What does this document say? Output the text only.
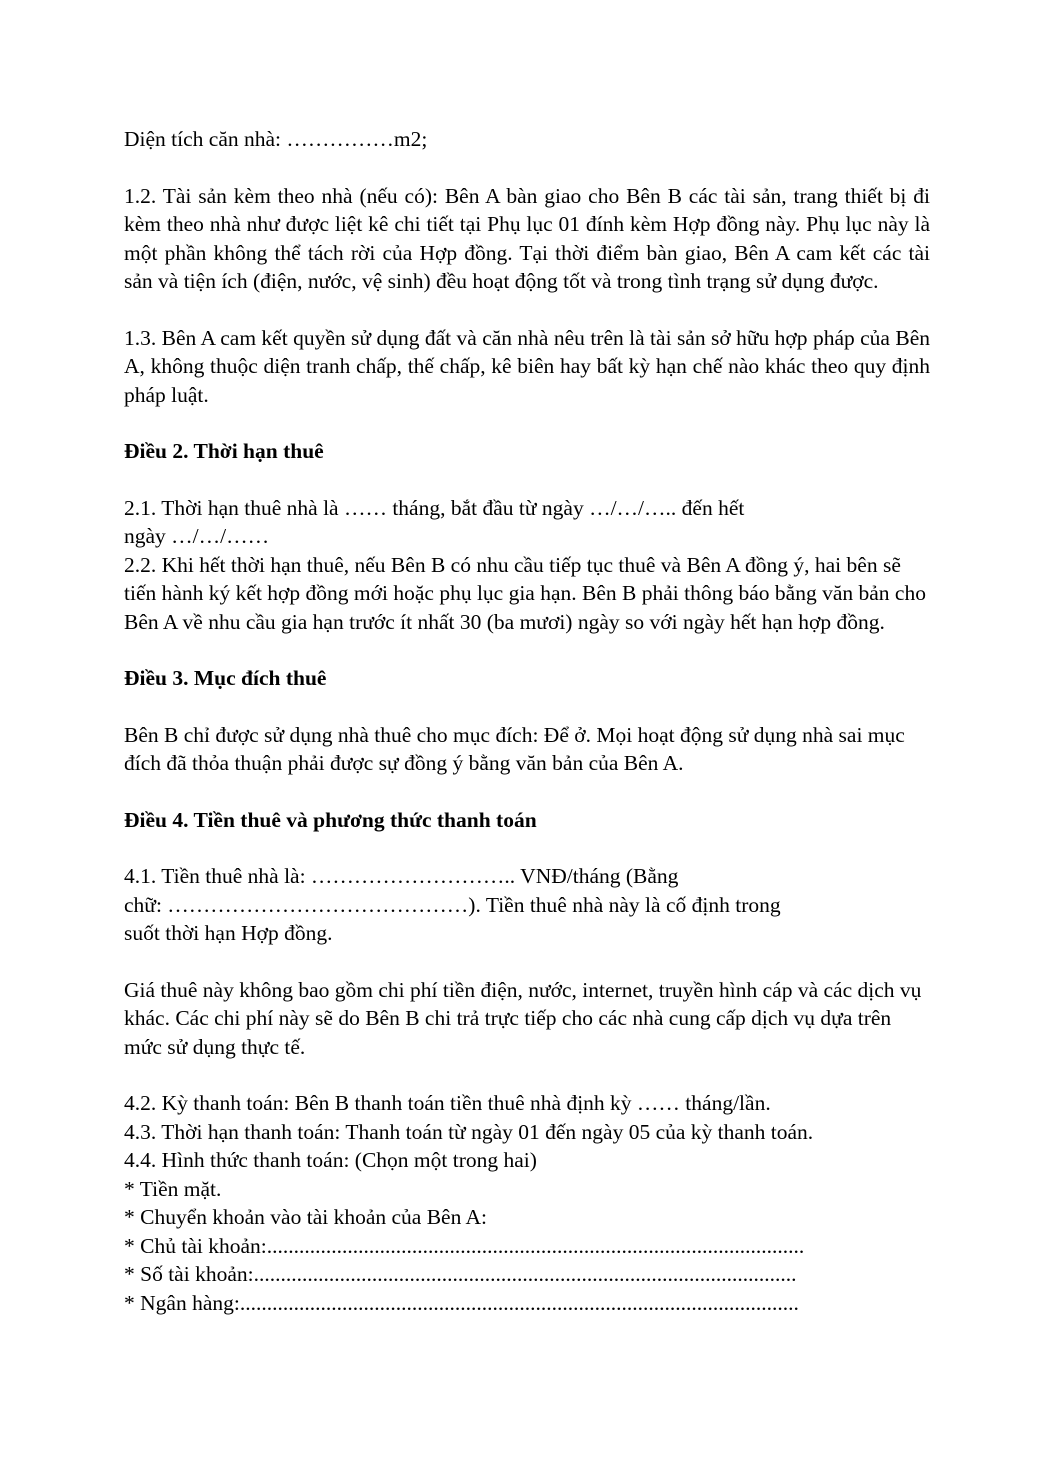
Diện tích căn nhà: ……………m2;

1.2. Tài sản kèm theo nhà (nếu có): Bên A bàn giao cho Bên B các tài sản, trang thiết bị đi kèm theo nhà như được liệt kê chi tiết tại Phụ lục 01 đính kèm Hợp đồng này. Phụ lục này là một phần không thể tách rời của Hợp đồng. Tại thời điểm bàn giao, Bên A cam kết các tài sản và tiện ích (điện, nước, vệ sinh) đều hoạt động tốt và trong tình trạng sử dụng được.

1.3. Bên A cam kết quyền sử dụng đất và căn nhà nêu trên là tài sản sở hữu hợp pháp của Bên A, không thuộc diện tranh chấp, thế chấp, kê biên hay bất kỳ hạn chế nào khác theo quy định pháp luật.

Điều 2. Thời hạn thuê

2.1. Thời hạn thuê nhà là …… tháng, bắt đầu từ ngày …/…/….. đến hết
ngày …/…/……

2.2. Khi hết thời hạn thuê, nếu Bên B có nhu cầu tiếp tục thuê và Bên A đồng ý, hai bên sẽ tiến hành ký kết hợp đồng mới hoặc phụ lục gia hạn. Bên B phải thông báo bằng văn bản cho Bên A về nhu cầu gia hạn trước ít nhất 30 (ba mươi) ngày so với ngày hết hạn hợp đồng.

Điều 3. Mục đích thuê

Bên B chỉ được sử dụng nhà thuê cho mục đích: Để ở. Mọi hoạt động sử dụng nhà sai mục đích đã thỏa thuận phải được sự đồng ý bằng văn bản của Bên A.

Điều 4. Tiền thuê và phương thức thanh toán

4.1. Tiền thuê nhà là: ……………………….. VNĐ/tháng (Bằng
chữ: ……………………………………). Tiền thuê nhà này là cố định trong
suốt thời hạn Hợp đồng.

Giá thuê này không bao gồm chi phí tiền điện, nước, internet, truyền hình cáp và các dịch vụ khác. Các chi phí này sẽ do Bên B chi trả trực tiếp cho các nhà cung cấp dịch vụ dựa trên mức sử dụng thực tế.

4.2. Kỳ thanh toán: Bên B thanh toán tiền thuê nhà định kỳ …… tháng/lần.

4.3. Thời hạn thanh toán: Thanh toán từ ngày 01 đến ngày 05 của kỳ thanh toán.

4.4. Hình thức thanh toán: (Chọn một trong hai)

* Tiền mặt.

* Chuyển khoản vào tài khoản của Bên A:

* Chủ tài khoản:....................................................................................................

* Số tài khoản:.....................................................................................................

* Ngân hàng:........................................................................................................
